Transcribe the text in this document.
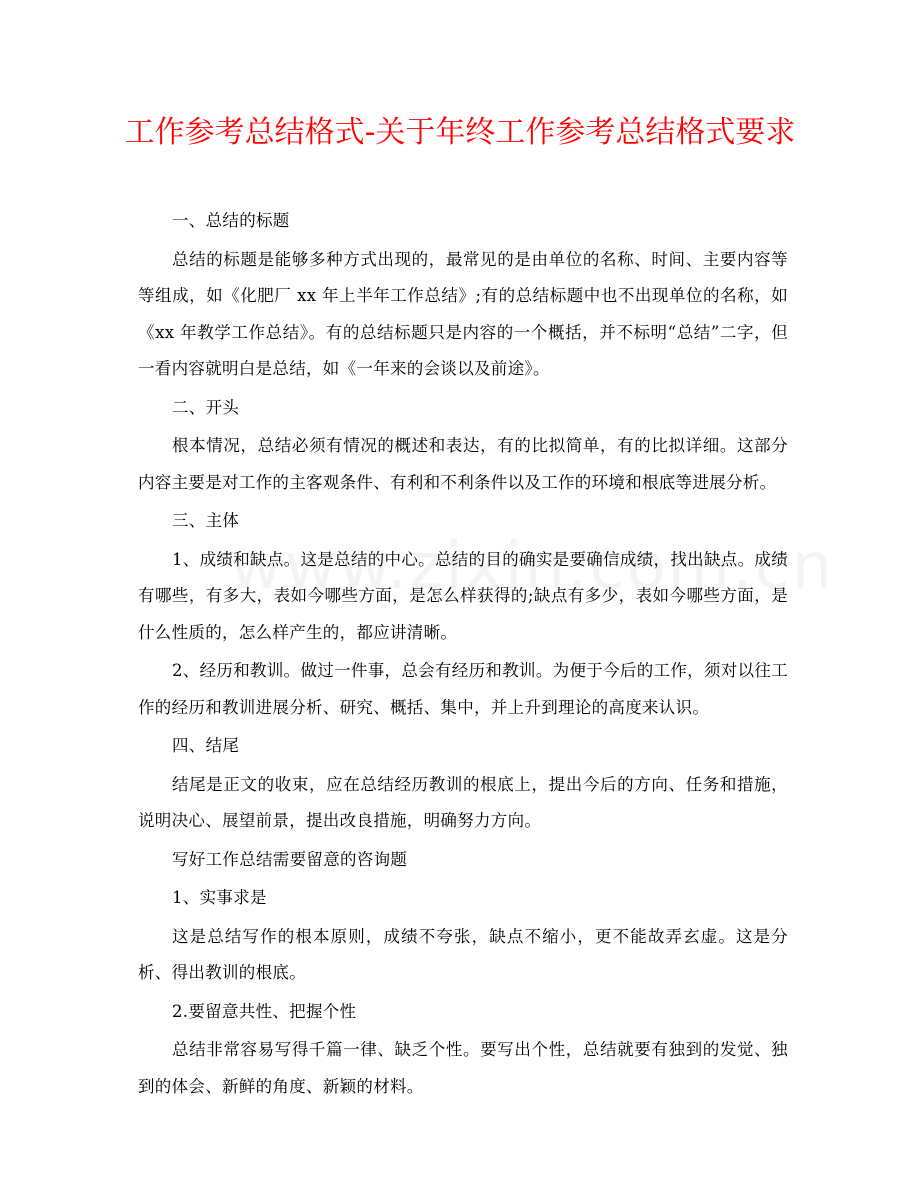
工作参考总结格式-关于年终工作参考总结格式要求

一、总结的标题

总结的标题是能够多种方式出现的，最常见的是由单位的名称、时间、主要内容等等组成，如《化肥厂 xx 年上半年工作总结》;有的总结标题中也不出现单位的名称，如《xx 年教学工作总结》。有的总结标题只是内容的一个概括，并不标明“总结”二字，但一看内容就明白是总结，如《一年来的会谈以及前途》。

二、开头

根本情况，总结必须有情况的概述和表达，有的比拟简单，有的比拟详细。这部分内容主要是对工作的主客观条件、有利和不利条件以及工作的环境和根底等进展分析。

三、主体

1、成绩和缺点。这是总结的中心。总结的目的确实是要确信成绩，找出缺点。成绩有哪些，有多大，表如今哪些方面，是怎么样获得的;缺点有多少，表如今哪些方面，是什么性质的，怎么样产生的，都应讲清晰。

2、经历和教训。做过一件事，总会有经历和教训。为便于今后的工作，须对以往工作的经历和教训进展分析、研究、概括、集中，并上升到理论的高度来认识。

四、结尾

结尾是正文的收束，应在总结经历教训的根底上，提出今后的方向、任务和措施，说明决心、展望前景，提出改良措施，明确努力方向。

写好工作总结需要留意的咨询题

1、实事求是

这是总结写作的根本原则，成绩不夸张，缺点不缩小，更不能故弄玄虚。这是分析、得出教训的根底。

2.要留意共性、把握个性

总结非常容易写得千篇一律、缺乏个性。要写出个性，总结就要有独到的发觉、独到的体会、新鲜的角度、新颖的材料。
